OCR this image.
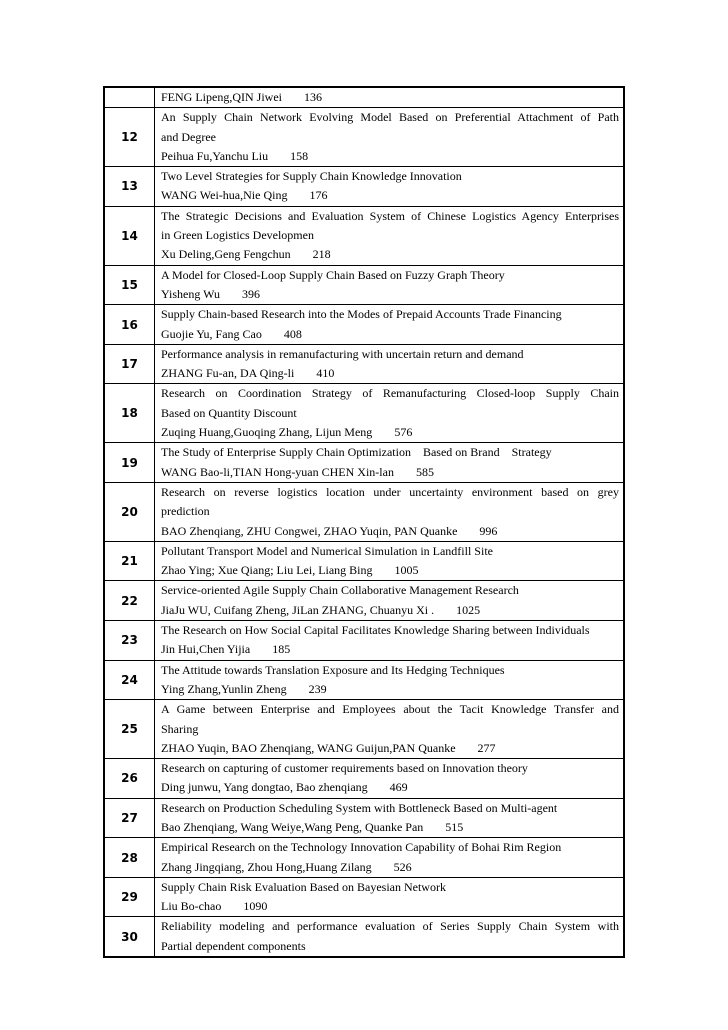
	FENG Lipeng,QIN Jiwei 136

12	An Supply Chain Network Evolving Model Based on Preferential Attachment of Path
and Degree
Peihua Fu,Yanchu Liu 158

13	Two Level Strategies for Supply Chain Knowledge Innovation
WANG Wei-hua,Nie Qing 176

14	The Strategic Decisions and Evaluation System of Chinese Logistics Agency Enterprises
in Green Logistics Developmen
Xu Deling,Geng Fengchun 218

15	A Model for Closed-Loop Supply Chain Based on Fuzzy Graph Theory
Yisheng Wu 396

16	Supply Chain-based Research into the Modes of Prepaid Accounts Trade Financing
Guojie Yu, Fang Cao 408

17	Performance analysis in remanufacturing with uncertain return and demand
ZHANG Fu-an, DA Qing-li 410

18	Research on Coordination Strategy of Remanufacturing Closed-loop Supply Chain
Based on Quantity Discount
Zuqing Huang,Guoqing Zhang, Lijun Meng 576

19	The Study of Enterprise Supply Chain Optimization　Based on Brand　Strategy
WANG Bao-li,TIAN Hong-yuan CHEN Xin-lan 585

20	Research on reverse logistics location under uncertainty environment based on grey
prediction
BAO Zhenqiang, ZHU Congwei, ZHAO Yuqin, PAN Quanke 996

21	Pollutant Transport Model and Numerical Simulation in Landfill Site
Zhao Ying; Xue Qiang; Liu Lei, Liang Bing 1005

22	Service-oriented Agile Supply Chain Collaborative Management Research
JiaJu WU, Cuifang Zheng, JiLan ZHANG, Chuanyu Xi . 1025

23	The Research on How Social Capital Facilitates Knowledge Sharing between Individuals
Jin Hui,Chen Yijia 185

24	The Attitude towards Translation Exposure and Its Hedging Techniques
Ying Zhang,Yunlin Zheng 239

25	A Game between Enterprise and Employees about the Tacit Knowledge Transfer and
Sharing
ZHAO Yuqin, BAO Zhenqiang, WANG Guijun,PAN Quanke 277

26	Research on capturing of customer requirements based on Innovation theory
Ding junwu, Yang dongtao, Bao zhenqiang 469

27	Research on Production Scheduling System with Bottleneck Based on Multi-agent
Bao Zhenqiang, Wang Weiye,Wang Peng, Quanke Pan 515

28	Empirical Research on the Technology Innovation Capability of Bohai Rim Region
Zhang Jingqiang, Zhou Hong,Huang Zilang 526

29	Supply Chain Risk Evaluation Based on Bayesian Network
Liu Bo-chao 1090

30	Reliability modeling and performance evaluation of Series Supply Chain System with
Partial dependent components
